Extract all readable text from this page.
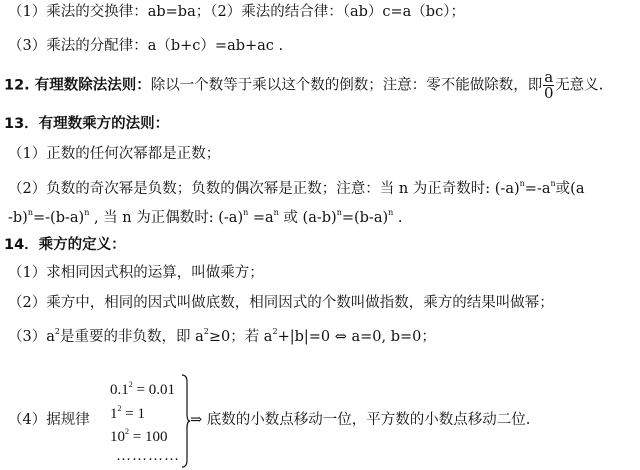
（1）乘法的交换律：ab=ba；（2）乘法的结合律：（ab）c=a（bc）；
（3）乘法的分配律：a（b+c）=ab+ac .
12. 有理数除法法则：除以一个数等于乘以这个数的倒数；注意：零不能做除数，即 $\frac{a}{0}$ 无意义.
13．有理数乘方的法则：
（1）正数的任何次幂都是正数；
（2）负数的奇次幂是负数；负数的偶次幂是正数；注意：当 n 为正奇数时: $(-a)^n=-a^n$或(a
$-b)^n=-(b-a)^n$ , 当 n 为正偶数时: $(-a)^n =a^n$ 或 $(a-b)^n=(b-a)^n$ .
14．乘方的定义：
（1）求相同因式积的运算，叫做乘方；
（2）乘方中，相同的因式叫做底数，相同因式的个数叫做指数，乘方的结果叫做幂；
$(3)a^2$是重要的非负数，即 $a^2\ge 0$；若 $a^2+|b|=0$ ⇔ a=0, b=0；
（4）据规律
$0.1^2 = 0.01$
$1^2 = 1$
$10^2 = 100$
…………
⇒ 底数的小数点移动一位，平方数的小数点移动二位.
